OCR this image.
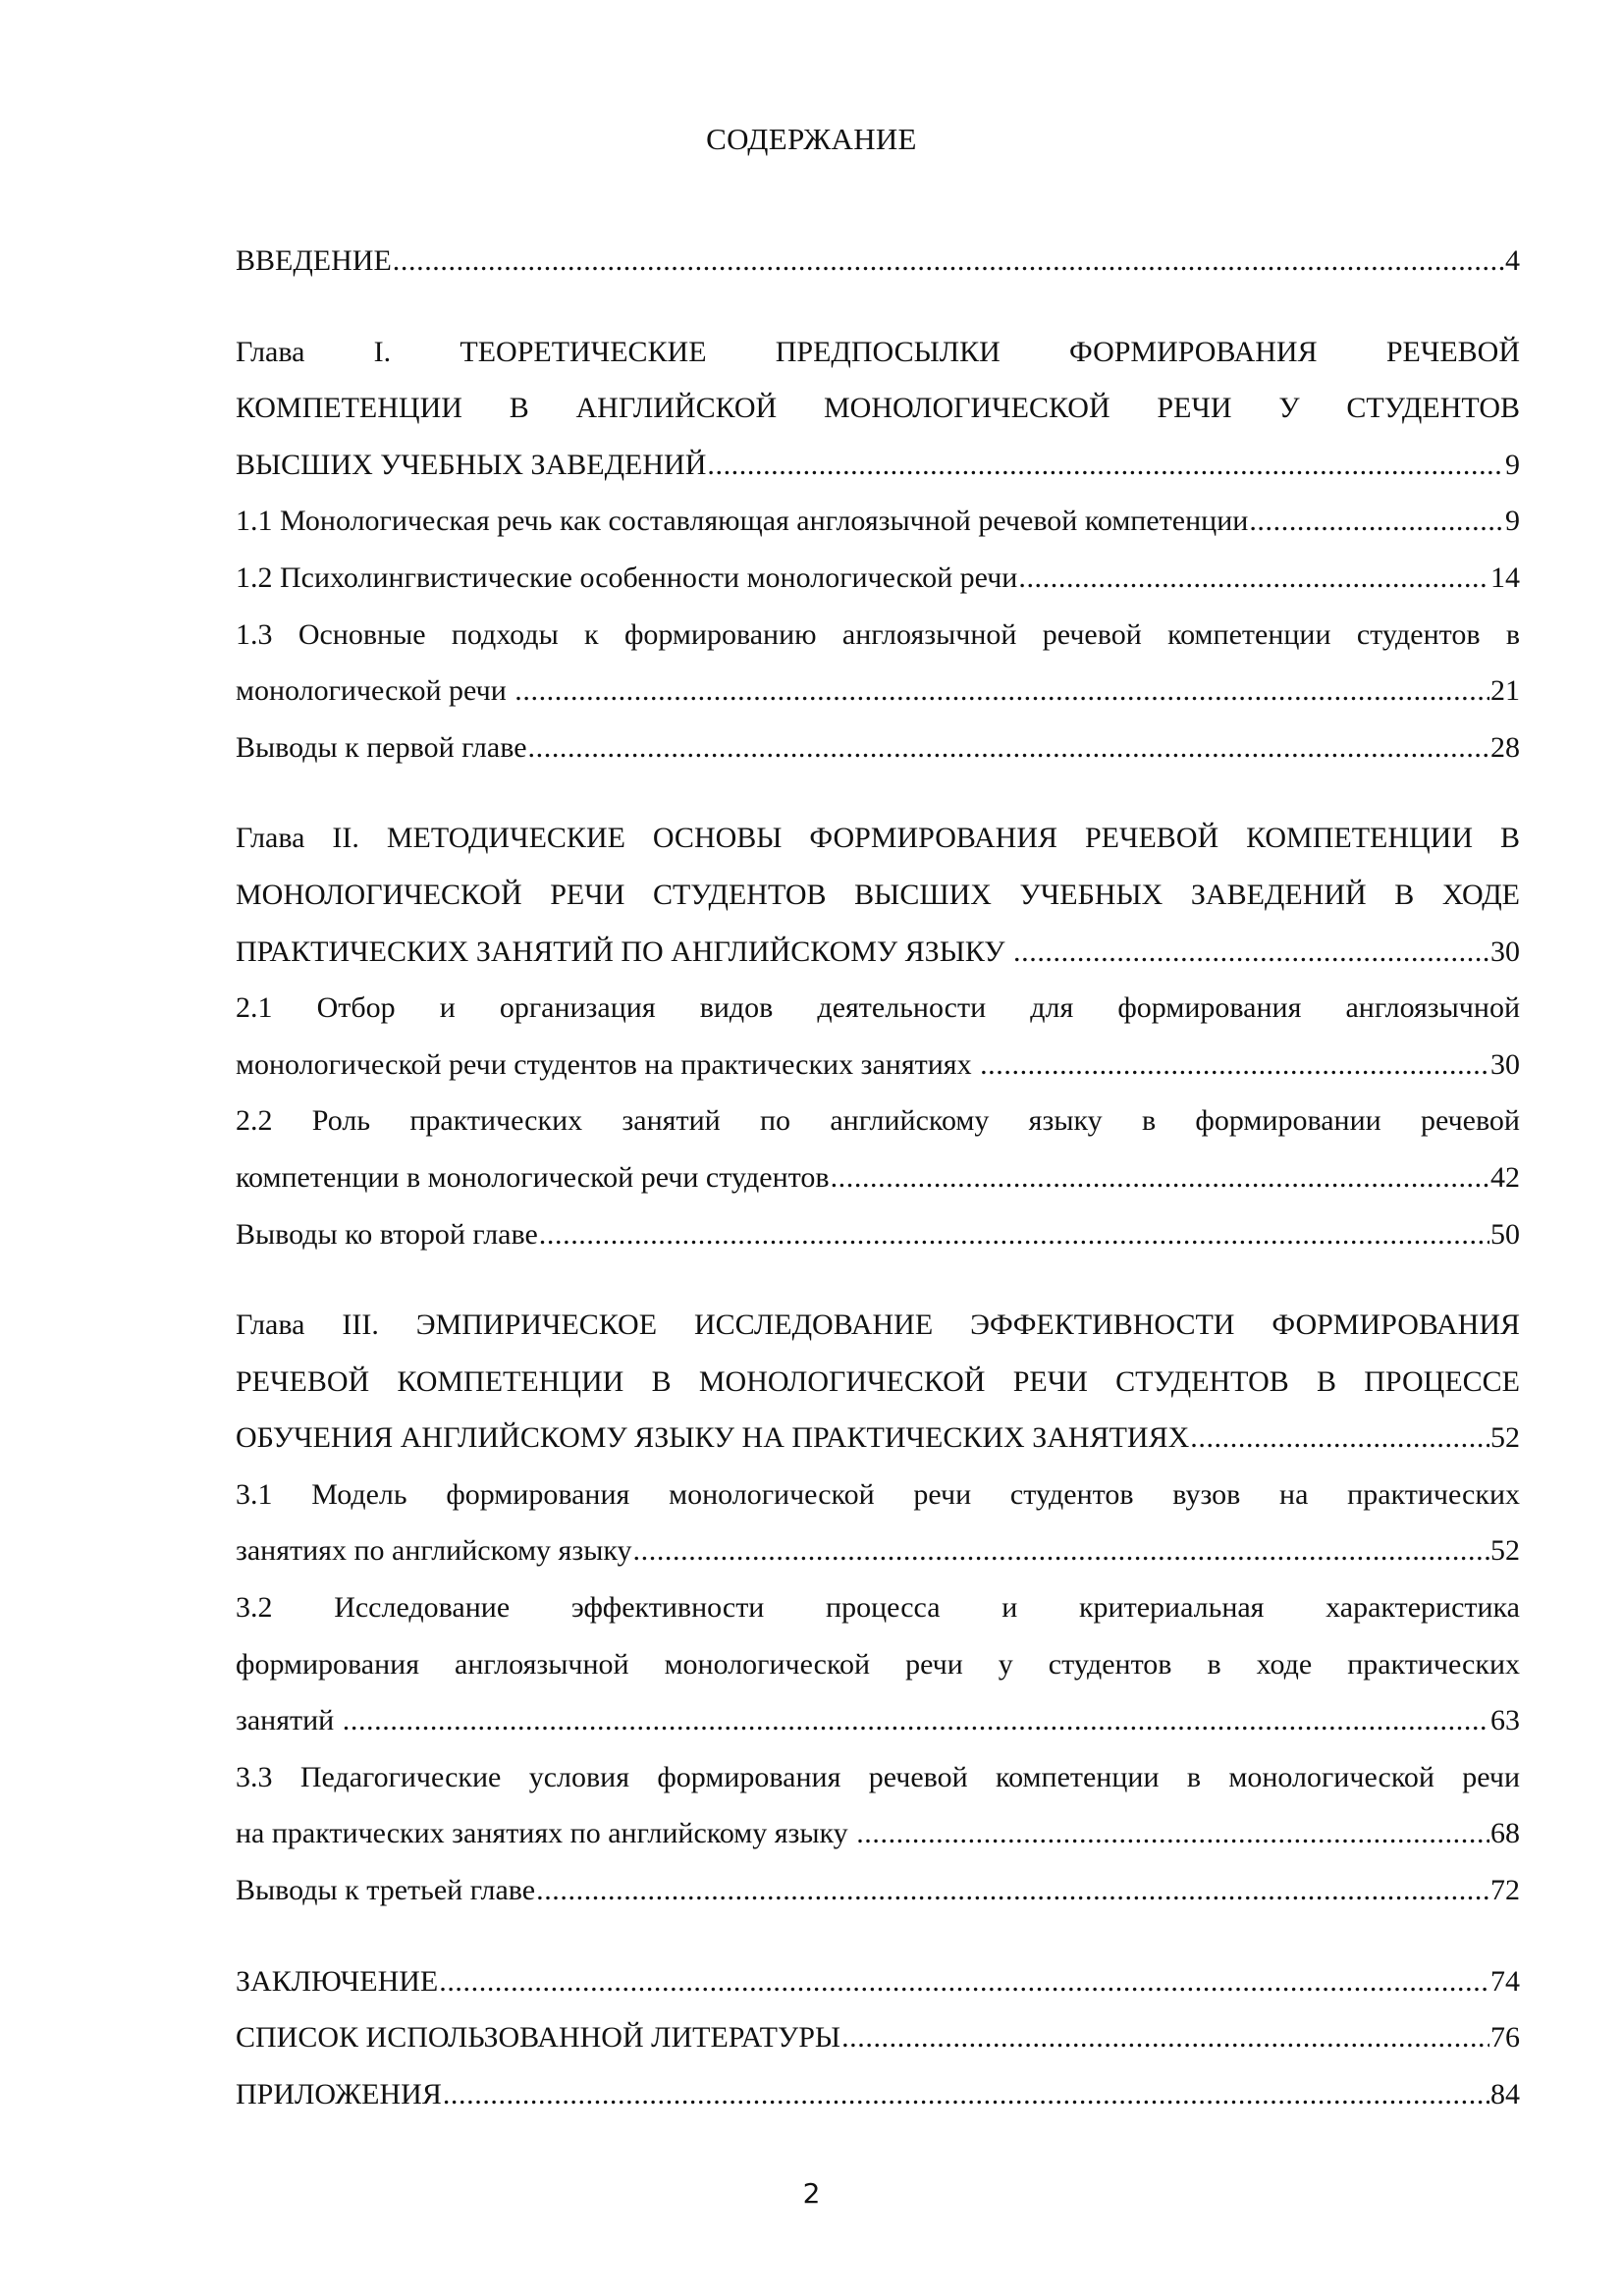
СОДЕРЖАНИЕ
ВВЕДЕНИЕ .....	4
Глава I. ТЕОРЕТИЧЕСКИЕ ПРЕДПОСЫЛКИ ФОРМИРОВАНИЯ РЕЧЕВОЙ
КОМПЕТЕНЦИИ В АНГЛИЙСКОЙ МОНОЛОГИЧЕСКОЙ РЕЧИ У СТУДЕНТОВ
ВЫСШИХ УЧЕБНЫХ ЗАВЕДЕНИЙ .....	9
1.1 Монологическая речь как составляющая англоязычной речевой компетенции .....	9
1.2 Психолингвистические особенности монологической речи .....	14
1.3 Основные подходы к формированию англоязычной речевой компетенции студентов в
монологической речи .....	21
Выводы к первой главе .....	28
Глава II. МЕТОДИЧЕСКИЕ ОСНОВЫ ФОРМИРОВАНИЯ РЕЧЕВОЙ КОМПЕТЕНЦИИ В
МОНОЛОГИЧЕСКОЙ РЕЧИ СТУДЕНТОВ ВЫСШИХ УЧЕБНЫХ ЗАВЕДЕНИЙ В ХОДЕ
ПРАКТИЧЕСКИХ ЗАНЯТИЙ ПО АНГЛИЙСКОМУ ЯЗЫКУ .....	30
2.1 Отбор и организация видов деятельности для формирования англоязычной
монологической речи студентов на практических занятиях .....	30
2.2 Роль практических занятий по английскому языку в формировании речевой
компетенции в монологической речи студентов .....	42
Выводы ко второй главе .....	50
Глава III. ЭМПИРИЧЕСКОЕ ИССЛЕДОВАНИЕ ЭФФЕКТИВНОСТИ ФОРМИРОВАНИЯ
РЕЧЕВОЙ КОМПЕТЕНЦИИ В МОНОЛОГИЧЕСКОЙ РЕЧИ СТУДЕНТОВ В ПРОЦЕССЕ
ОБУЧЕНИЯ АНГЛИЙСКОМУ ЯЗЫКУ НА ПРАКТИЧЕСКИХ ЗАНЯТИЯХ .....	52
3.1 Модель формирования монологической речи студентов вузов на практических
занятиях по английскому языку .....	52
3.2 Исследование эффективности процесса и критериальная характеристика
формирования англоязычной монологической речи у студентов в ходе практических
занятий .....	63
3.3 Педагогические условия формирования речевой компетенции в монологической речи
на практических занятиях по английскому языку .....	68
Выводы к третьей главе .....	72
ЗАКЛЮЧЕНИЕ .....	74
СПИСОК ИСПОЛЬЗОВАННОЙ ЛИТЕРАТУРЫ .....	76
ПРИЛОЖЕНИЯ .....	84
2
